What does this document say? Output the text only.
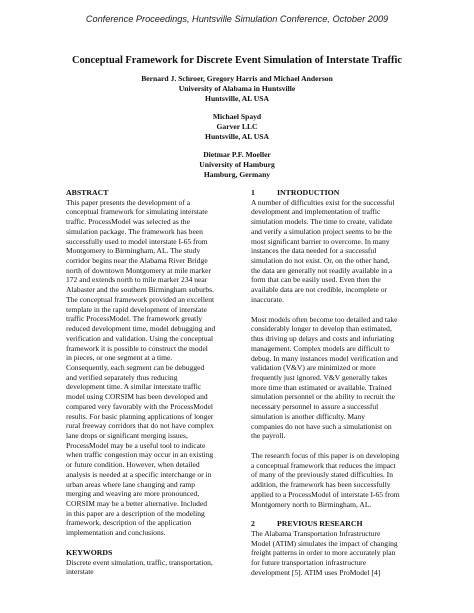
Conference Proceedings, Huntsville Simulation Conference, October 2009
Conceptual Framework for Discrete Event Simulation of Interstate Traffic
Bernard J. Schroer, Gregory Harris and Michael Anderson
University of Alabama in Huntsville
Huntsville, AL USA
Michael Spayd
Garver LLC
Huntsville, AL USA
Dietmar P.F. Moeller
University of Hamburg
Hamburg, Germany
ABSTRACT
This paper presents the development of a
conceptual framework for simulating interstate
traffic. ProcessModel was selected as the
simulation package. The framework has been
successfully used to model interstate I-65 from
Montgomery to Birmingham, AL. The study
corridor begins near the Alabama River Bridge
north of downtown Montgomery at mile marker
172 and extends north to mile marker 234 near
Alabaster and the southern Birmingham suburbs.
The conceptual framework provided an excellent
template in the rapid development of interstate
traffic ProcessModel. The framework greatly
reduced development time, model debugging and
verification and validation. Using the conceptual
framework it is possible to construct the model
in pieces, or one segment at a time.
Consequently, each segment can be debugged
and verified separately thus reducing
development time. A similar interstate traffic
model using CORSIM has been developed and
compared very favorably with the ProcessModel
results. For basic planning applications of longer
rural freeway corridors that do not have complex
lane drops or significant merging issues,
ProcessModel may be a useful tool to indicate
when traffic congestion may occur in an existing
or future condition. However, when detailed
analysis is needed at a specific interchange or in
urban areas where lane changing and ramp
merging and weaving are more pronounced,
CORSIM may be a better alternative. Included
in this paper are a description of the modeling
framework, description of the application
implementation and conclusions.
KEYWORDS
Discrete event simulation, traffic, transportation,
interstate
1	INTRODUCTION
A number of difficulties exist for the successful
development and implementation of traffic
simulation models. The time to create, validate
and verify a simulation project seems to be the
most significant barrier to overcome. In many
instances the data needed for a successful
simulation do not exist. Or, on the other hand,
the data are generally not readily available in a
form that can be easily used. Even then the
available data are not credible, incomplete or
inaccurate.
Most models often become too detailed and take
considerably longer to develop than estimated,
thus driving up delays and costs and infuriating
management. Complex models are difficult to
debug. In many instances model verification and
validation (V&V) are minimized or more
frequently just ignored. V&V generally takes
more time than estimated or available. Trained
simulation personnel or the ability to recruit the
necessary personnel to assure a successful
simulation is another difficulty. Many
companies do not have such a simulationist on
the payroll.
The research focus of this paper is on developing
a conceptual framework that reduces the impact
of many of the previously stated difficulties. In
addition, the framework has been successfully
applied to a ProcessModel of interstate I-65 from
Montgomery north to Birmingham, AL.
2	PREVIOUS RESEARCH
The Alabama Transportation Infrastructure
Model (ATIM) simulates the impact of changing
freight patterns in order to more accurately plan
for future transportation infrastructure
development [5]. ATIM uses ProModel [4]
